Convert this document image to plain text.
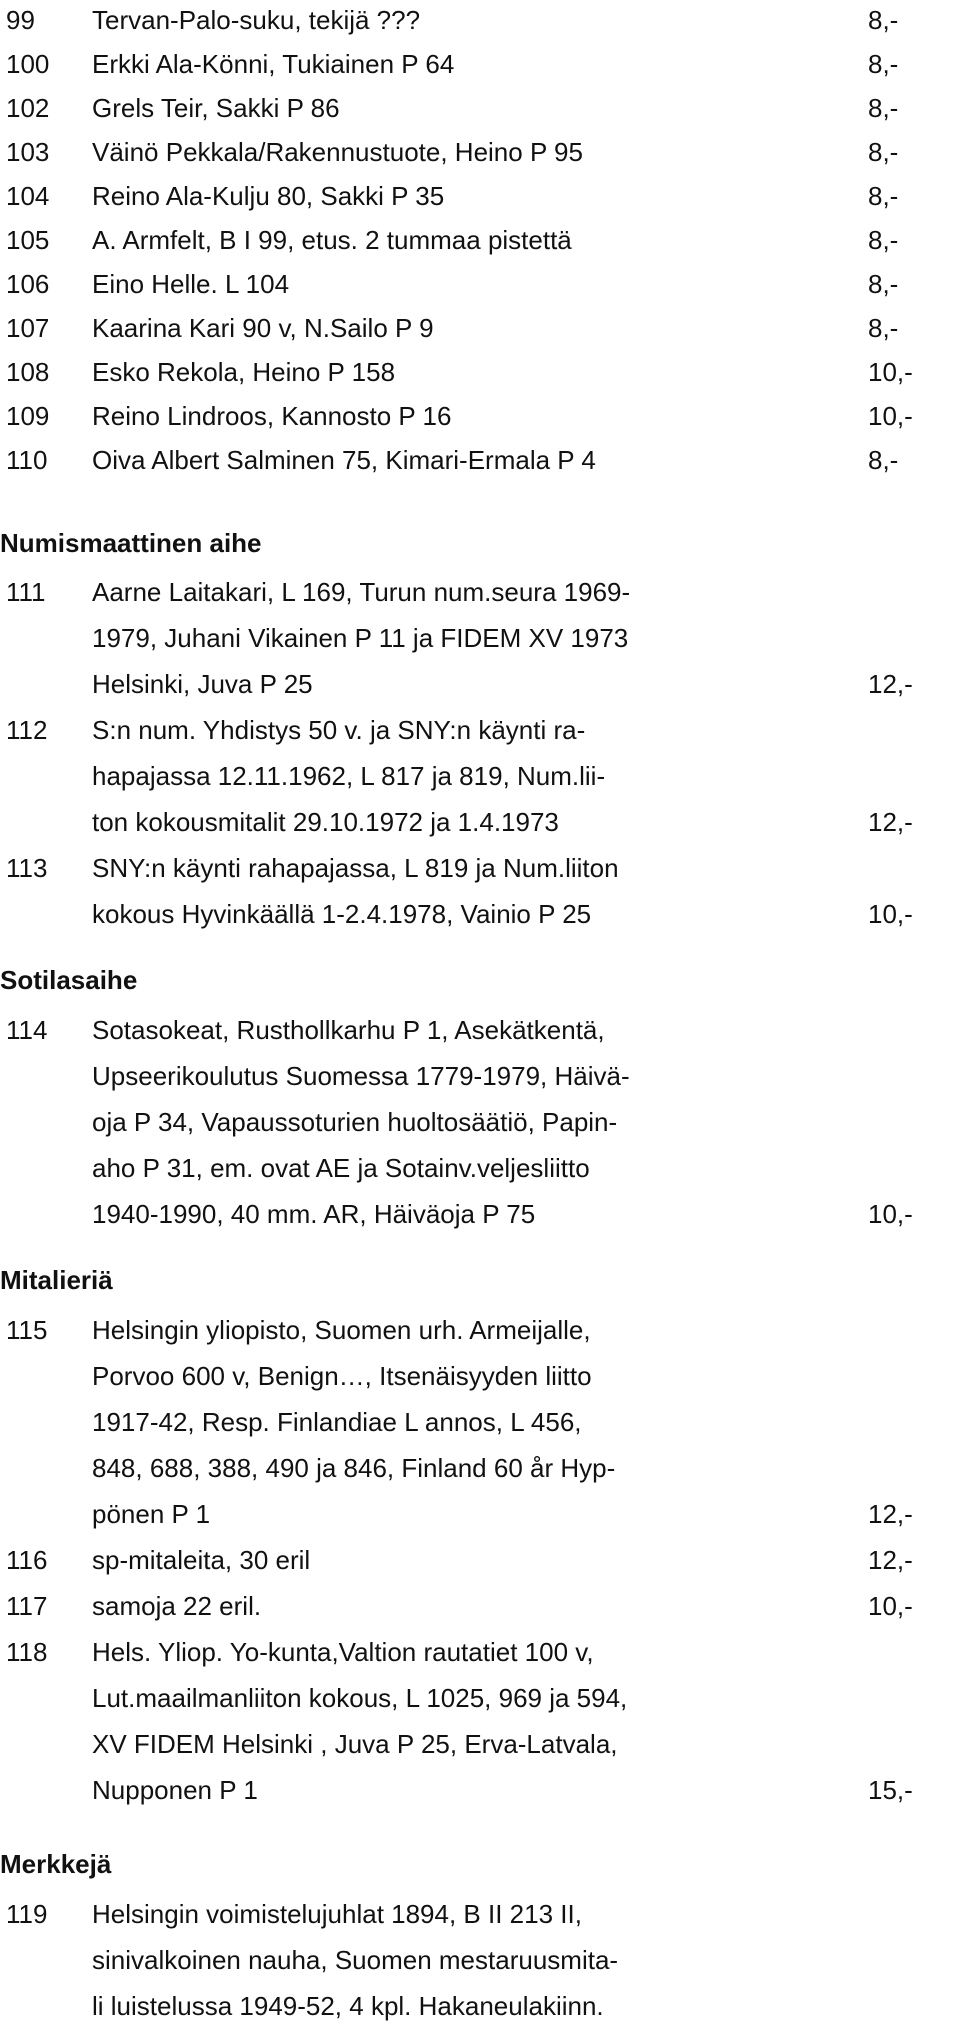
99 Tervan-Palo-suku, tekijä ???	8,-
100 Erkki Ala-Könni, Tukiainen P 64	8,-
102 Grels Teir, Sakki P 86	8,-
103 Väinö Pekkala/Rakennustuote, Heino P 95	8,-
104 Reino Ala-Kulju 80, Sakki P 35	8,-
105 A. Armfelt, B I 99, etus. 2 tummaa pistettä	8,-
106 Eino Helle. L 104	8,-
107 Kaarina Kari 90 v, N.Sailo P 9	8,-
108 Esko Rekola, Heino P 158	10,-
109 Reino Lindroos, Kannosto P 16	10,-
110 Oiva Albert Salminen 75, Kimari-Ermala P 4	8,-
Numismaattinen aihe
111 Aarne Laitakari, L 169, Turun num.seura 1969-
1979, Juhani Vikainen P 11 ja FIDEM XV 1973
Helsinki, Juva P 25	12,-
112 S:n num. Yhdistys 50 v. ja SNY:n käynti ra-
hapajassa 12.11.1962, L 817 ja 819, Num.lii-
ton kokousmitalit 29.10.1972 ja 1.4.1973	12,-
113 SNY:n käynti rahapajassa, L 819 ja Num.liiton
kokous Hyvinkäällä 1-2.4.1978, Vainio P 25	10,-
Sotilasaihe
114 Sotasokeat, Rusthollkarhu P 1, Asekätkentä,
Upseerikoulutus Suomessa 1779-1979, Häivä-
oja P 34, Vapaussoturien huoltosäätiö, Papin-
aho P 31, em. ovat AE ja Sotainv.veljesliitto
1940-1990, 40 mm. AR, Häiväoja P 75	10,-
Mitalieriä
115 Helsingin yliopisto, Suomen urh. Armeijalle,
Porvoo 600 v, Benign…, Itsenäisyyden liitto
1917-42, Resp. Finlandiae L annos, L 456,
848, 688, 388, 490 ja 846, Finland 60 år Hyp-
pönen P 1	12,-
116 sp-mitaleita, 30 eril	12,-
117 samoja 22 eril.	10,-
118 Hels. Yliop. Yo-kunta,Valtion rautatiet 100 v,
Lut.maailmanliiton kokous, L 1025, 969 ja 594,
XV FIDEM Helsinki , Juva P 25, Erva-Latvala,
Nupponen P 1	15,-
Merkkejä
119 Helsingin voimistelujuhlat 1894, B II 213 II,
sinivalkoinen nauha, Suomen mestaruusmita-
li luistelussa 1949-52, 4 kpl. Hakaneulakiinn.
